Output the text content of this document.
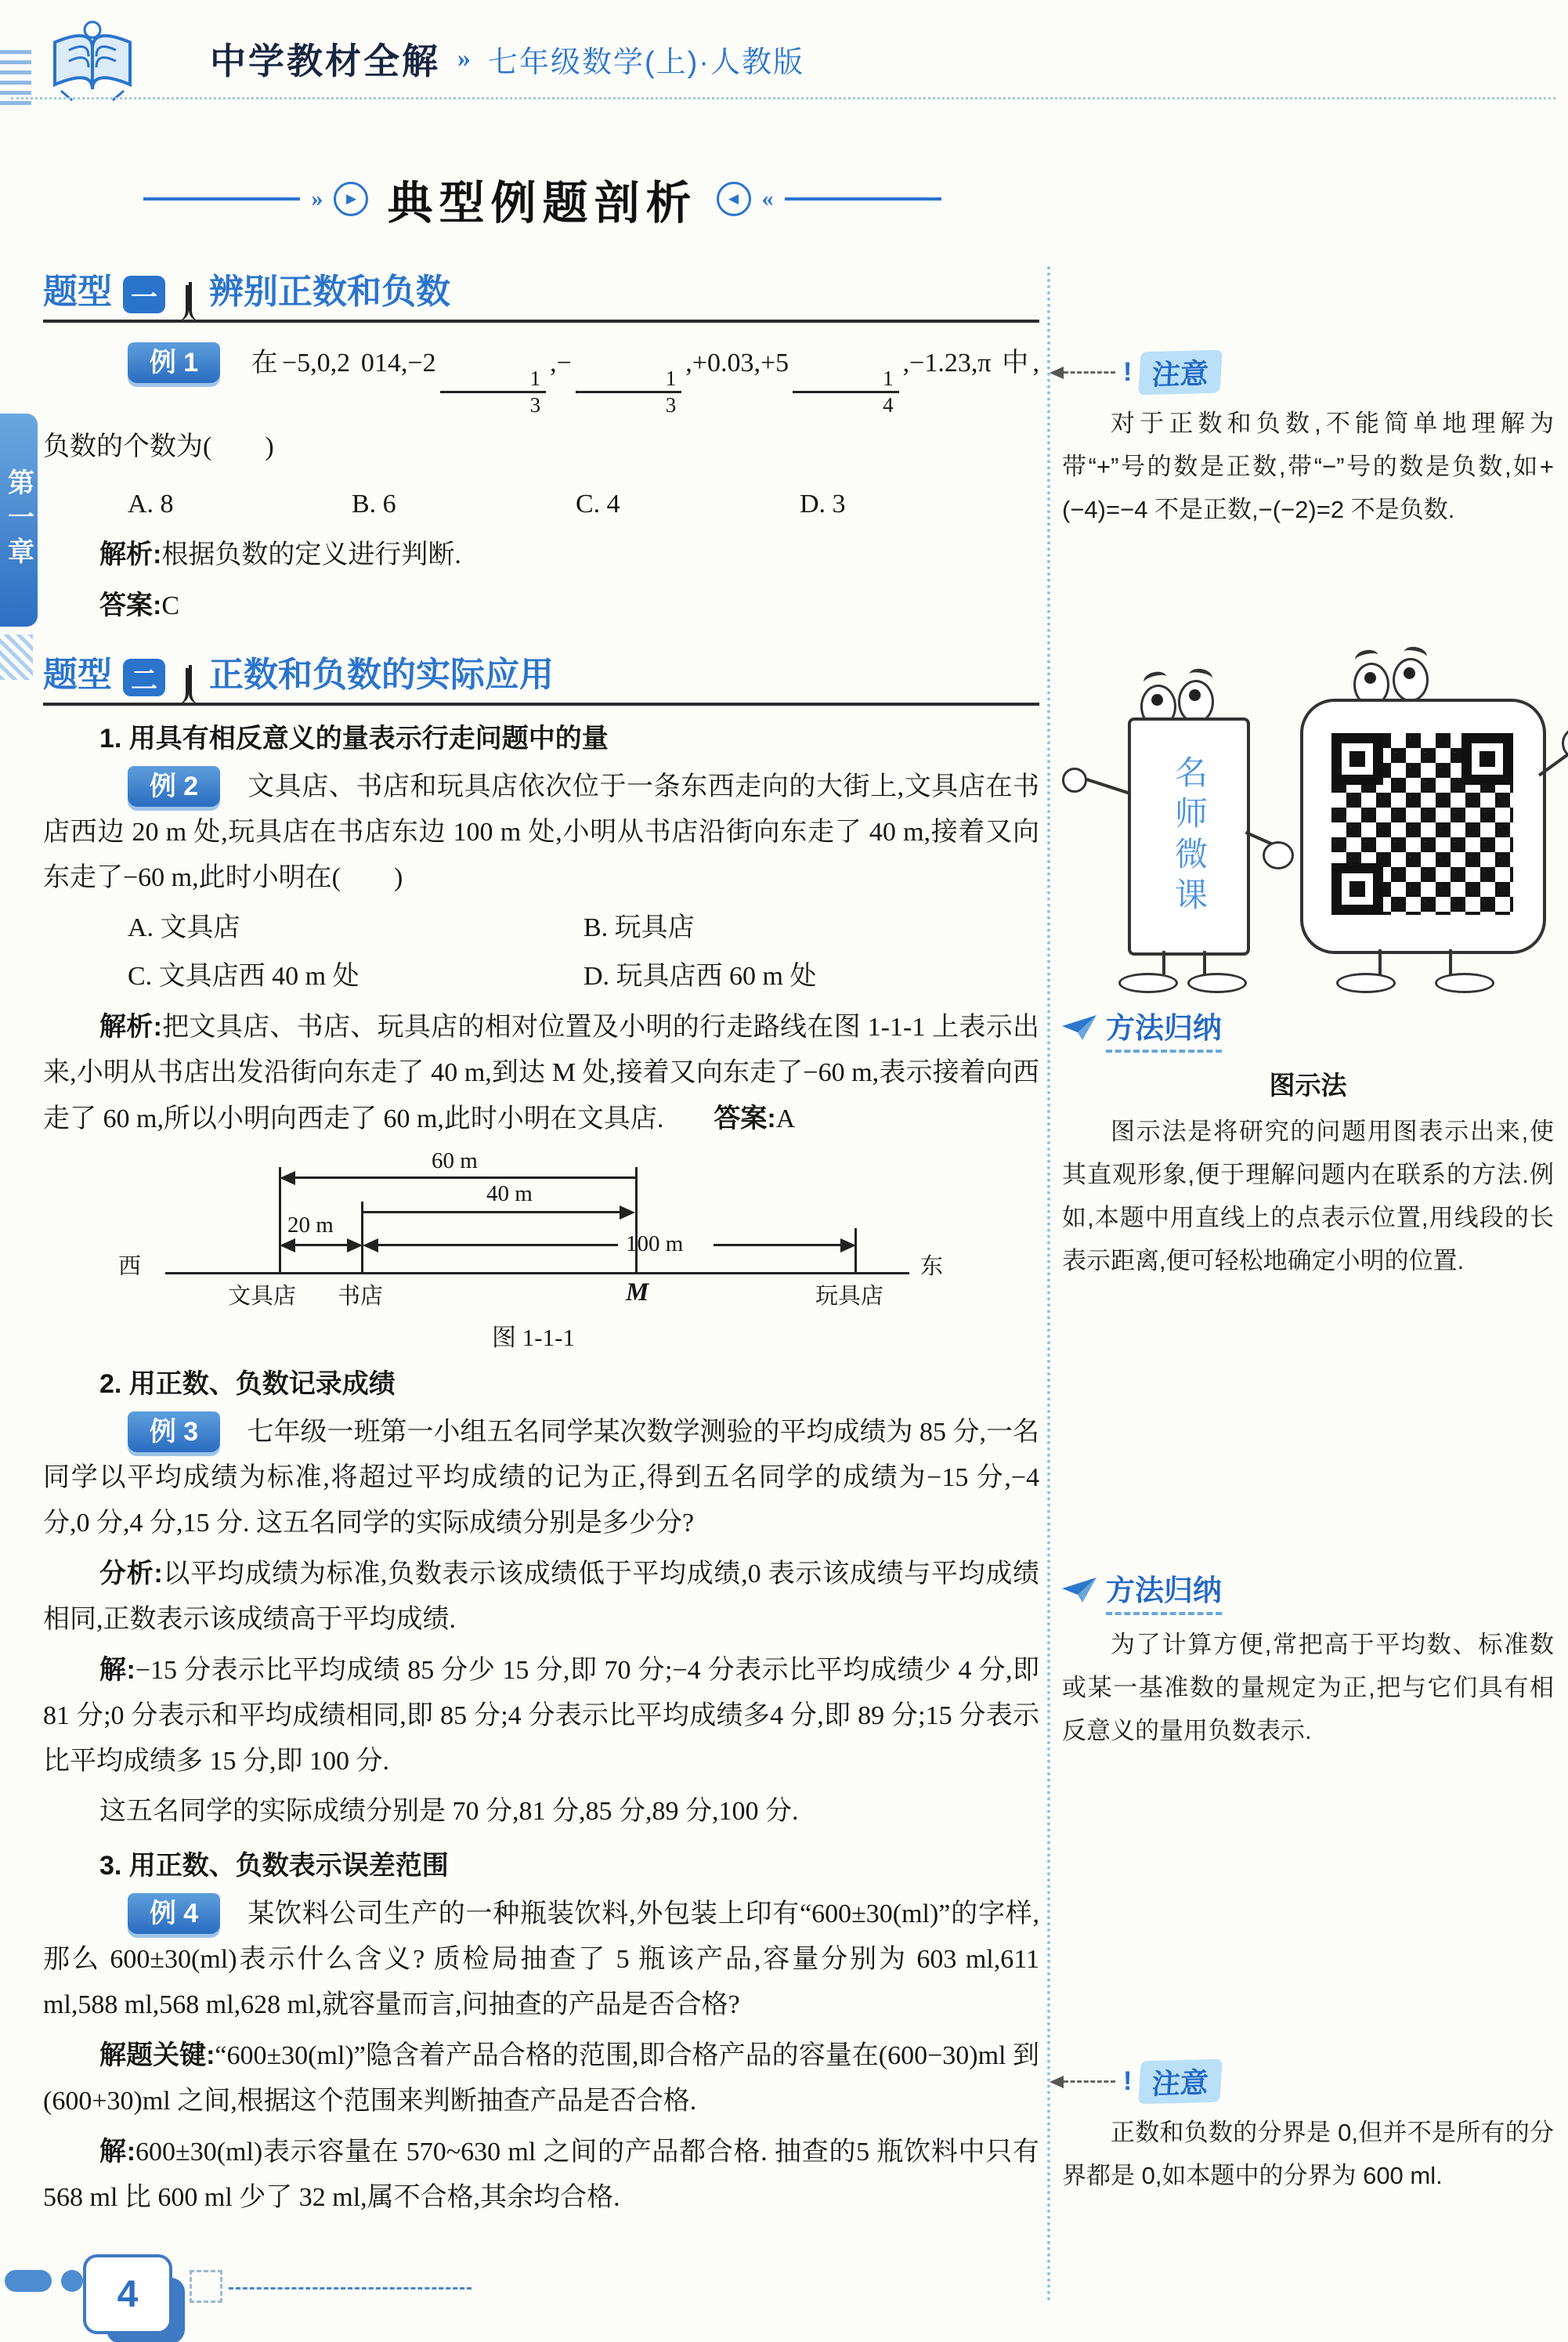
中学教材全解 » 七年级数学(上)·人教版
第一章
»	▶ 典型例题剖析	◀ «
题型 一 辨别正数和负数

例 1 在−5,0,2 014,−2
$\frac{1}{3}$
,−
$\frac{1}{3}$
,+0.03,+5
$\frac{1}{4}$
,−1.23,π 中,负数的个数为(　　)

A. 8	B. 6	C. 4	D. 3

解析:根据负数的定义进行判断.

答案:C

题型 二 正数和负数的实际应用
1. 用具有相反意义的量表示行走问题中的量

例 2 文具店、书店和玩具店依次位于一条东西走向的大街上,文具店在书店西边 20 m 处,玩具店在书店东边 100 m 处,小明从书店沿街向东走了 40 m,接着又向东走了−60 m,此时小明在(　　)

A. 文具店	B. 玩具店
C. 文具店西 40 m 处	D. 玩具店西 60 m 处

解析:把文具店、书店、玩具店的相对位置及小明的行走路线在图 1-1-1 上表示出来,小明从书店出发沿街向东走了 40 m,到达 M 处,接着又向东走了−60 m,表示接着向西走了 60 m,所以小明向西走了 60 m,此时小明在文具店. 答案:A

西	东
60 m
40 m
20 m
100 m
文具店 书店	M	玩具店
图 1-1-1
2. 用正数、负数记录成绩

例 3 七年级一班第一小组五名同学某次数学测验的平均成绩为 85 分,一名同学以平均成绩为标准,将超过平均成绩的记为正,得到五名同学的成绩为−15 分,−4 分,0 分,4 分,15 分. 这五名同学的实际成绩分别是多少分?

分析:以平均成绩为标准,负数表示该成绩低于平均成绩,0 表示该成绩与平均成绩相同,正数表示该成绩高于平均成绩.

解:−15 分表示比平均成绩 85 分少 15 分,即 70 分;−4 分表示比平均成绩少 4 分,即81 分;0 分表示和平均成绩相同,即 85 分;4 分表示比平均成绩多4 分,即 89 分;15 分表示比平均成绩多 15 分,即 100 分.

这五名同学的实际成绩分别是 70 分,81 分,85 分,89 分,100 分.

3. 用正数、负数表示误差范围

例 4 某饮料公司生产的一种瓶装饮料,外包装上印有“600±30(ml)”的字样,那么 600±30(ml)表示什么含义? 质检局抽查了 5 瓶该产品,容量分别为 603 ml,611 ml,588 ml,568 ml,628 ml,就容量而言,问抽查的产品是否合格?

解题关键:“600±30(ml)”隐含着产品合格的范围,即合格产品的容量在(600−30)ml 到(600+30)ml 之间,根据这个范围来判断抽查产品是否合格.

解:600±30(ml)表示容量在 570~630 ml 之间的产品都合格. 抽查的5 瓶饮料中只有568 ml 比 600 ml 少了 32 ml,属不合格,其余均合格.

! 注意
对于正数和负数,不能简单地理解为带“+”号的数是正数,带“−”号的数是负数,如+(−4)=−4 不是正数,−(−2)=2 不是负数.
名师微课
方法归纳
图示法
图示法是将研究的问题用图表示出来,使其直观形象,便于理解问题内在联系的方法.例如,本题中用直线上的点表示位置,用线段的长表示距离,便可轻松地确定小明的位置.
方法归纳
为了计算方便,常把高于平均数、标准数或某一基准数的量规定为正,把与它们具有相反意义的量用负数表示.
! 注意
正数和负数的分界是 0,但并不是所有的分界都是 0,如本题中的分界为 600 ml.
4
